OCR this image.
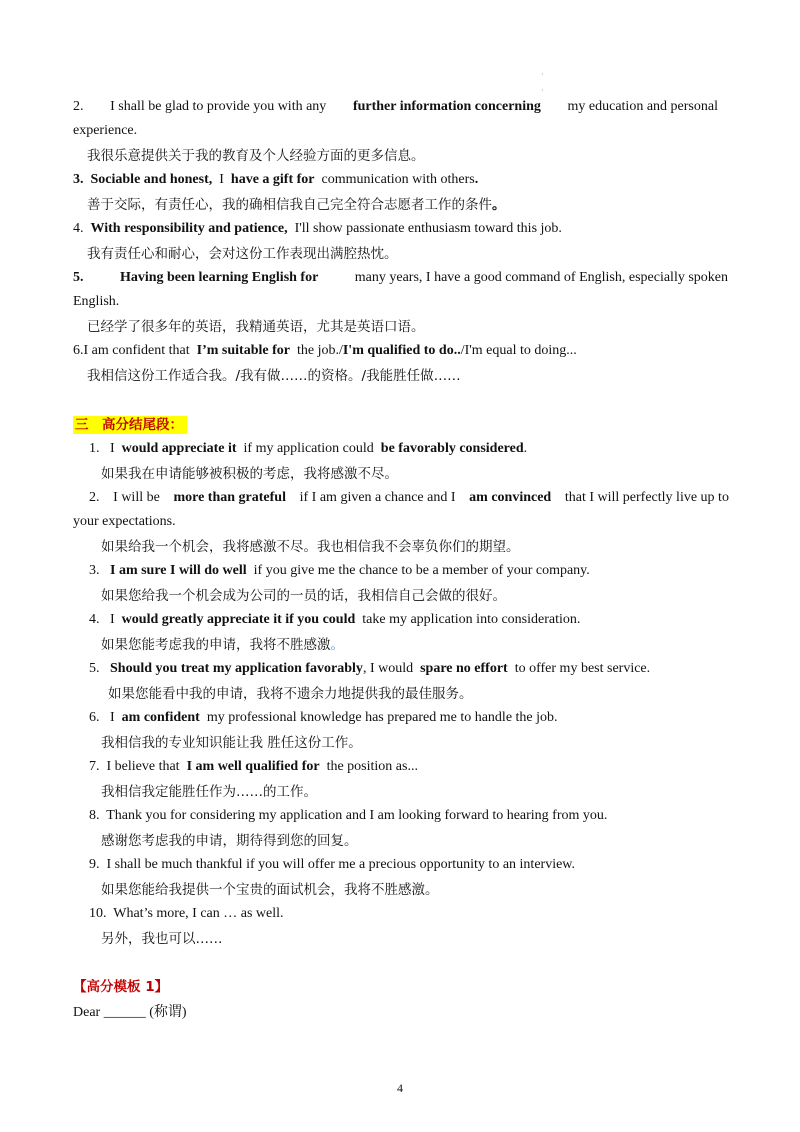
·
·
2. I shall be glad to provide you with any further information concerning my education and personal
experience.
我很乐意提供关于我的教育及个人经验方面的更多信息。
3. Sociable and honest, I have a gift for communication with others.
善于交际，有责任心，我的确相信我自己完全符合志愿者工作的条件。
4. With responsibility and patience, I'll show passionate enthusiasm toward this job.
我有责任心和耐心，会对这份工作表现出满腔热忱。
5.	Having been learning English for	many years, I have a good command of English, especially spoken
English.
已经学了很多年的英语，我精通英语，尤其是英语口语。
6.I am confident that I’m suitable for the job./I'm qualified to do../I'm equal to doing...
我相信这份工作适合我。/我有做……的资格。/我能胜任做……
三　高分结尾段：
1. I would appreciate it if my application could be favorably considered.
如果我在申请能够被积极的考虑，我将感激不尽。
2. I will be more than grateful if I am given a chance and I am convinced that I will perfectly live up to
your expectations.
如果给我一个机会，我将感激不尽。我也相信我不会辜负你们的期望。
3. I am sure I will do well if you give me the chance to be a member of your company.
如果您给我一个机会成为公司的一员的话，我相信自己会做的很好。
4. I would greatly appreciate it if you could take my application into consideration.
如果您能考虑我的申请，我将不胜感激。
5. Should you treat my application favorably, I would spare no effort to offer my best service.
如果您能看中我的申请，我将不遗余力地提供我的最佳服务。
6. I am confident my professional knowledge has prepared me to handle the job.
我相信我的专业知识能让我 胜任这份工作。
7. I believe that I am well qualified for the position as...
我相信我定能胜任作为……的工作。
8. Thank you for considering my application and I am looking forward to hearing from you.
感谢您考虑我的申请，期待得到您的回复。
9. I shall be much thankful if you will offer me a precious opportunity to an interview.
如果您能给我提供一个宝贵的面试机会，我将不胜感激。
10. What’s more, I can … as well.
另外，我也可以……
【高分模板 1】
Dear ______ (称谓)
4
